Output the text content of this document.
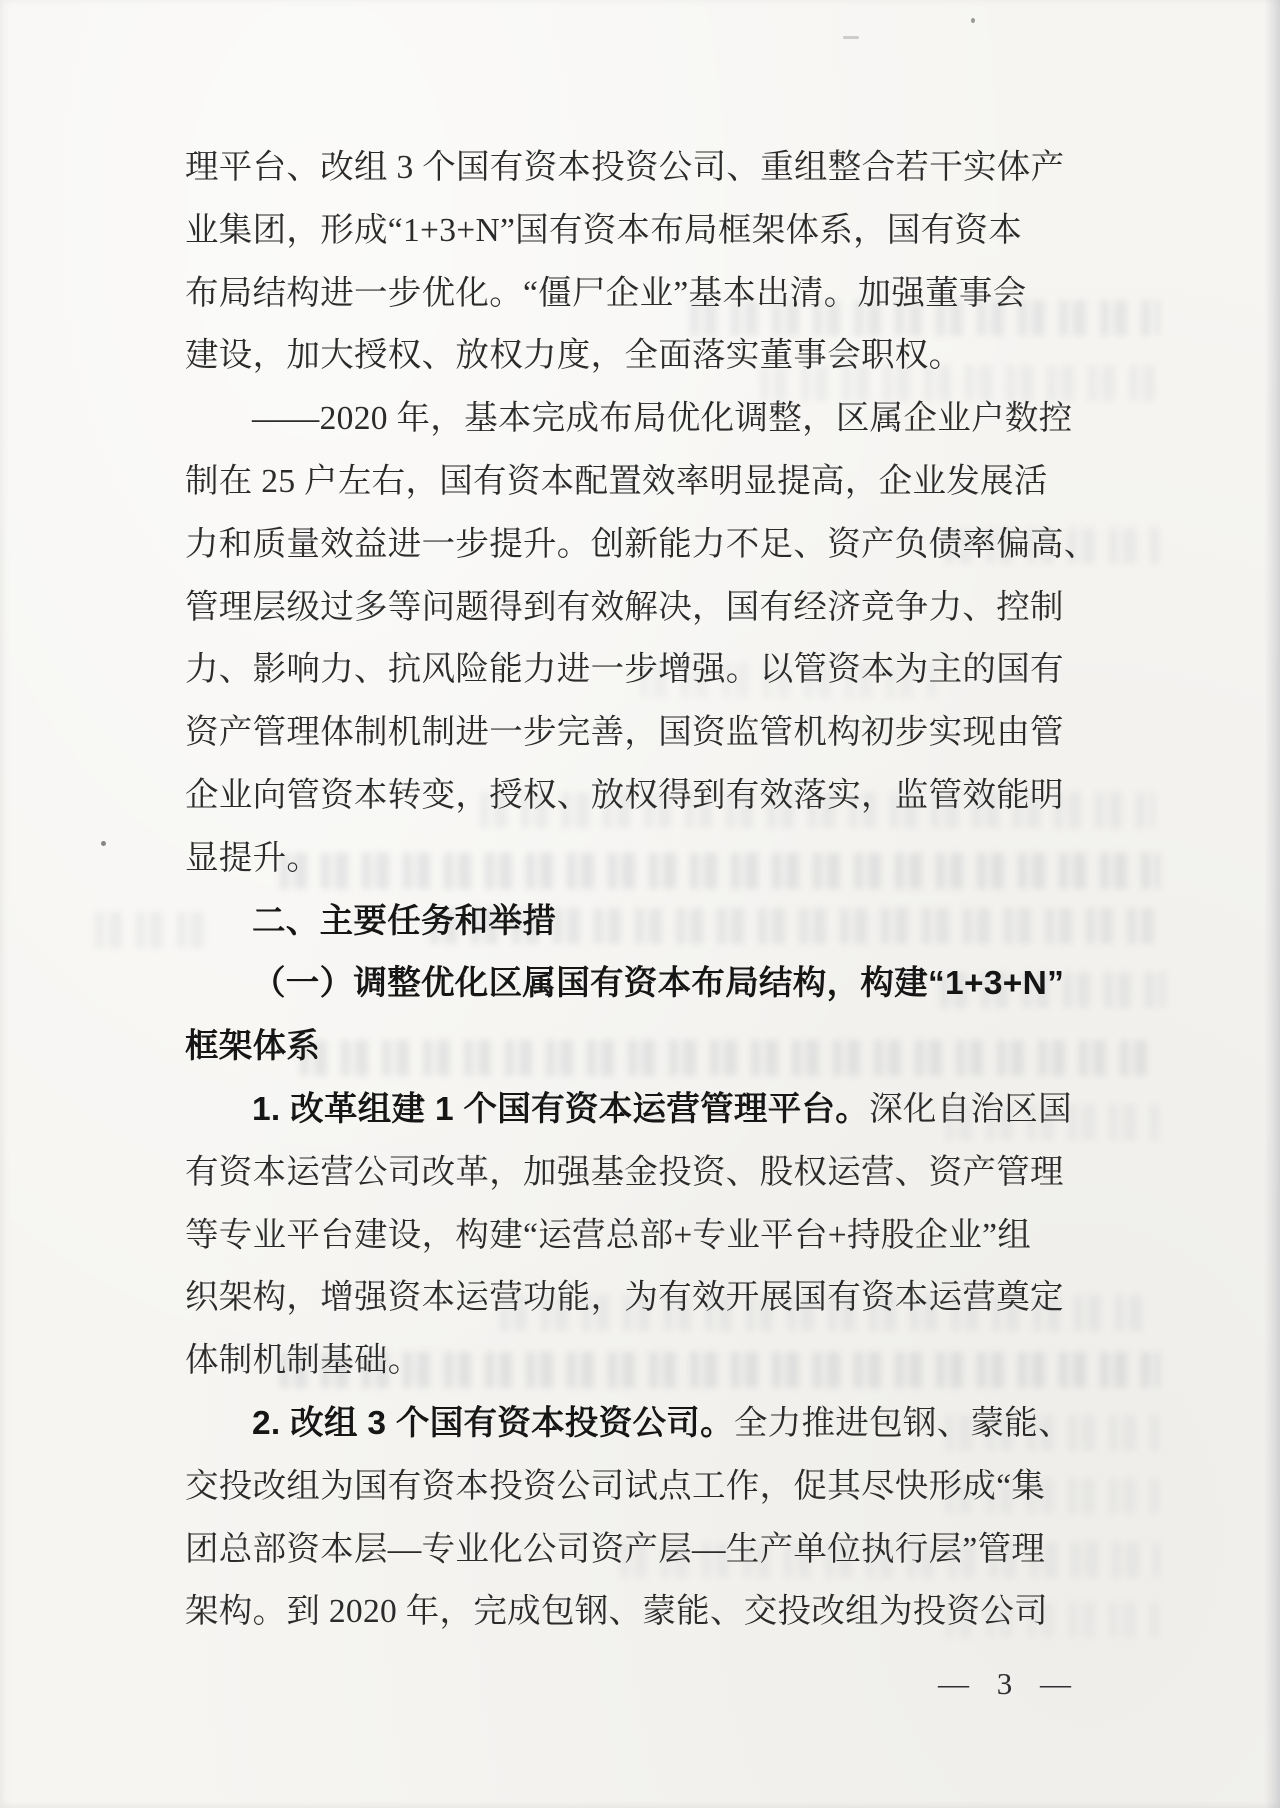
理平台、改组 3 个国有资本投资公司、重组整合若干实体产
业集团，形成“1+3+N”国有资本布局框架体系，国有资本
布局结构进一步优化。“僵尸企业”基本出清。加强董事会
建设，加大授权、放权力度，全面落实董事会职权。
——2020 年，基本完成布局优化调整，区属企业户数控
制在 25 户左右，国有资本配置效率明显提高，企业发展活
力和质量效益进一步提升。创新能力不足、资产负债率偏高、
管理层级过多等问题得到有效解决，国有经济竞争力、控制
力、影响力、抗风险能力进一步增强。以管资本为主的国有
资产管理体制机制进一步完善，国资监管机构初步实现由管
企业向管资本转变，授权、放权得到有效落实，监管效能明
显提升。
二、主要任务和举措
（一）调整优化区属国有资本布局结构，构建“1+3+N”
框架体系
1. 改革组建 1 个国有资本运营管理平台。深化自治区国
有资本运营公司改革，加强基金投资、股权运营、资产管理
等专业平台建设，构建“运营总部+专业平台+持股企业”组
织架构，增强资本运营功能，为有效开展国有资本运营奠定
体制机制基础。
2. 改组 3 个国有资本投资公司。全力推进包钢、蒙能、
交投改组为国有资本投资公司试点工作，促其尽快形成“集
团总部资本层—专业化公司资产层—生产单位执行层”管理
架构。到 2020 年，完成包钢、蒙能、交投改组为投资公司
— 3 —
